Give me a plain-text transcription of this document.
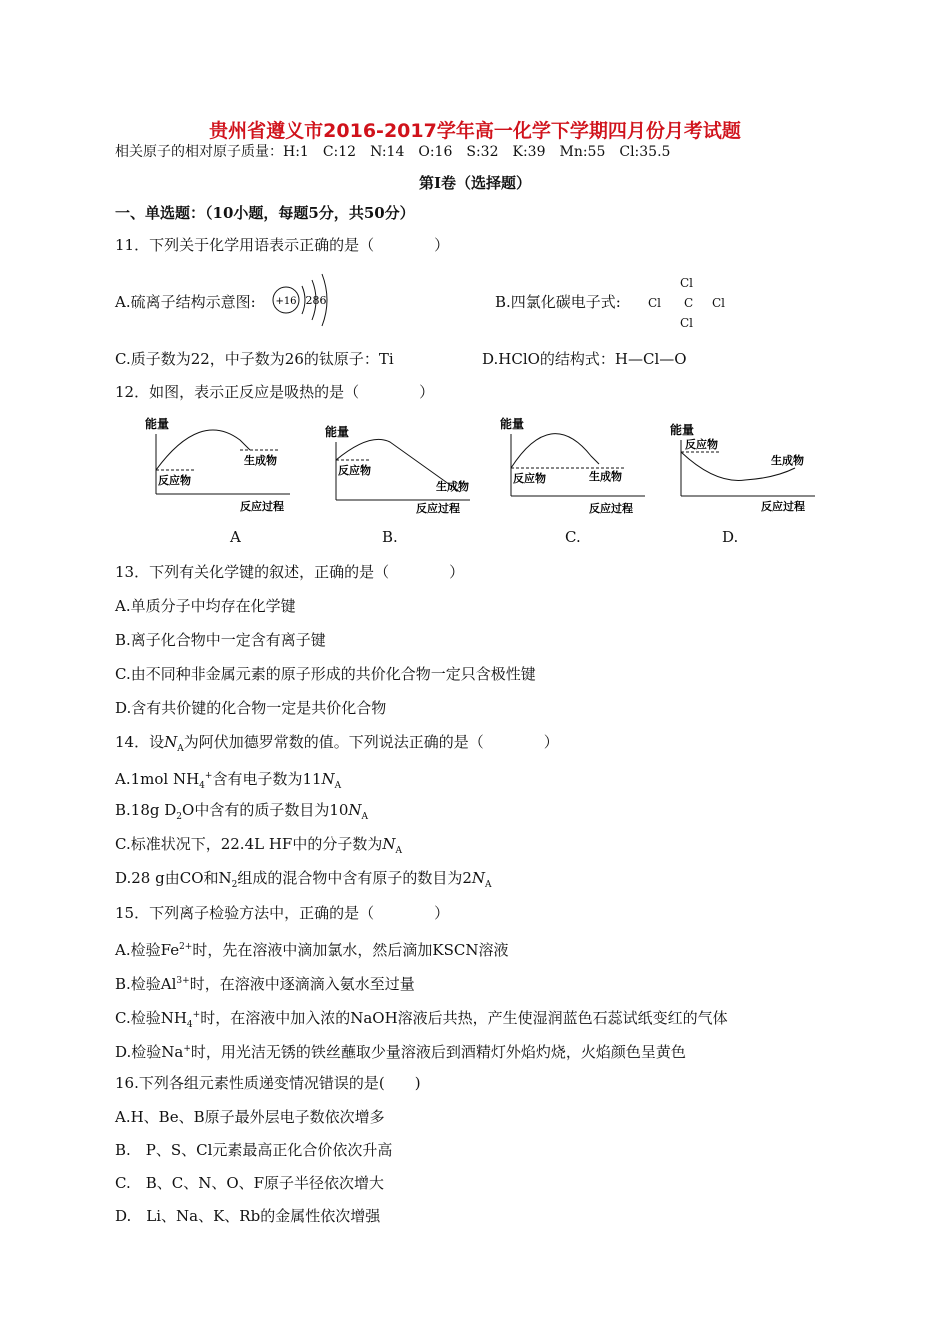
贵州省遵义市2016-2017学年高一化学下学期四月份月考试题
相关原子的相对原子质量：H:1　C:12　N:14　O:16　S:32　K:39　Mn:55　Cl:35.5
第Ⅰ卷（选择题）
一、单选题：（10小题，每题5分，共50分）
11．下列关于化学用语表示正确的是（　　　　）
A.硫离子结构示意图: +16 286	B.四氯化碳电子式:
Cl
Cl C Cl
Cl
C.质子数为22，中子数为26的钛原子：Ti	D.HClO的结构式：H—Cl—O
12．如图，表示正反应是吸热的是（　　　　）
能量
反应物
生成物
反应过程
能量
反应物
生成物
反应过程
能量
反应物	生成物
反应过程
能量
反应物
生成物
反应过程
A	B.	C.	D.
13．下列有关化学键的叙述，正确的是（　　　　）
A.单质分子中均存在化学键
B.离子化合物中一定含有离子键
C.由不同种非金属元素的原子形成的共价化合物一定只含极性键
D.含有共价键的化合物一定是共价化合物
14．设$N_A$为阿伏加德罗常数的值。下列说法正确的是（　　　　）
A.1mol $NH_4^+$含有电子数为$11N_A$
B.18g $D_2O$中含有的质子数目为$10N_A$
C.标准状况下，22.4L HF中的分子数为$N_A$
D.28 g由CO和$N_2$组成的混合物中含有原子的数目为$2N_A$
15．下列离子检验方法中，正确的是（　　　　）
A.检验$Fe^{2+}$时，先在溶液中滴加氯水，然后滴加KSCN溶液
B.检验$Al^{3+}$时，在溶液中逐滴滴入氨水至过量
C.检验$NH_4^+$时，在溶液中加入浓的NaOH溶液后共热，产生使湿润蓝色石蕊试纸变红的气体
D.检验Na+时，用光洁无锈的铁丝蘸取少量溶液后到酒精灯外焰灼烧，火焰颜色呈黄色
16.下列各组元素性质递变情况错误的是(　　)
A.H、Be、B原子最外层电子数依次增多
B.　P、S、Cl元素最高正化合价依次升高
C.　B、C、N、O、F原子半径依次增大
D.　Li、Na、K、Rb的金属性依次增强
